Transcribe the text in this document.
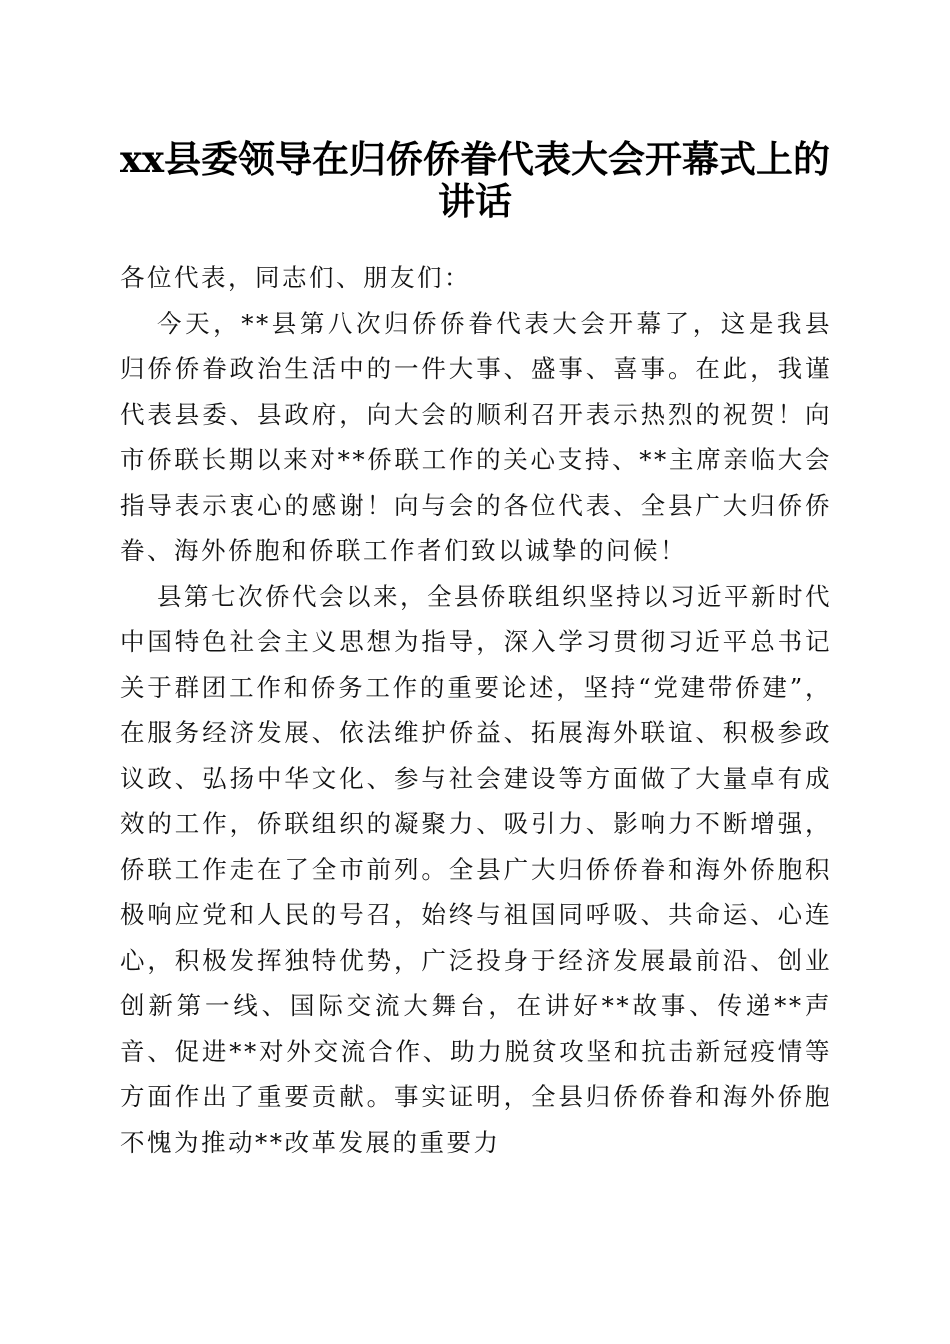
xx县委领导在归侨侨眷代表大会开幕式上的
讲话

各位代表，同志们、朋友们：

今天，**县第八次归侨侨眷代表大会开幕了，这是我县归侨侨眷政治生活中的一件大事、盛事、喜事。在此，我谨代表县委、县政府，向大会的顺利召开表示热烈的祝贺！向市侨联长期以来对**侨联工作的关心支持、**主席亲临大会指导表示衷心的感谢！向与会的各位代表、全县广大归侨侨眷、海外侨胞和侨联工作者们致以诚挚的问候！

县第七次侨代会以来，全县侨联组织坚持以习近平新时代中国特色社会主义思想为指导，深入学习贯彻习近平总书记关于群团工作和侨务工作的重要论述，坚持“党建带侨建”，在服务经济发展、依法维护侨益、拓展海外联谊、积极参政议政、弘扬中华文化、参与社会建设等方面做了大量卓有成效的工作，侨联组织的凝聚力、吸引力、影响力不断增强，侨联工作走在了全市前列。全县广大归侨侨眷和海外侨胞积极响应党和人民的号召，始终与祖国同呼吸、共命运、心连心，积极发挥独特优势，广泛投身于经济发展最前沿、创业创新第一线、国际交流大舞台，在讲好**故事、传递**声音、促进**对外交流合作、助力脱贫攻坚和抗击新冠疫情等方面作出了重要贡献。事实证明，全县归侨侨眷和海外侨胞不愧为推动**改革发展的重要力
